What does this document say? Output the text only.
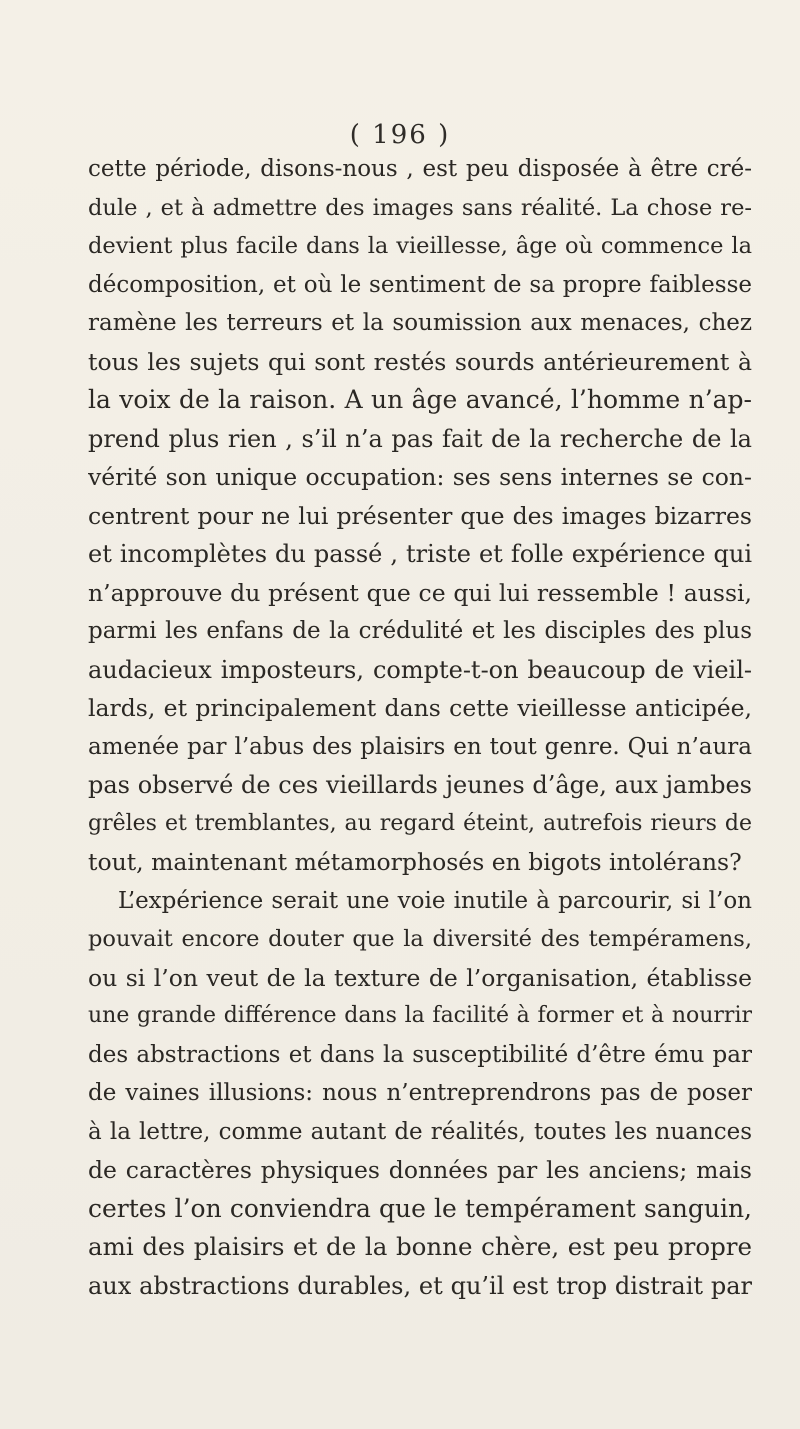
( 196 )
cette période, disons-nous , est peu disposée à être cré-
dule , et à admettre des images sans réalité. La chose re-
devient plus facile dans la vieillesse, âge où commence la
décomposition, et où le sentiment de sa propre faiblesse
ramène les terreurs et la soumission aux menaces, chez
tous les sujets qui sont restés sourds antérieurement à
la voix de la raison. A un âge avancé, l’homme n’ap-
prend plus rien , s’il n’a pas fait de la recherche de la
vérité son unique occupation: ses sens internes se con-
centrent pour ne lui présenter que des images bizarres
et incomplètes du passé , triste et folle expérience qui
n’approuve du présent que ce qui lui ressemble ! aussi,
parmi les enfans de la crédulité et les disciples des plus
audacieux imposteurs, compte-t-on beaucoup de vieil-
lards, et principalement dans cette vieillesse anticipée,
amenée par l’abus des plaisirs en tout genre. Qui n’aura
pas observé de ces vieillards jeunes d’âge, aux jambes
grêles et tremblantes, au regard éteint, autrefois rieurs de
tout, maintenant métamorphosés en bigots intolérans?
L’expérience serait une voie inutile à parcourir, si l’on
pouvait encore douter que la diversité des tempéramens,
ou si l’on veut de la texture de l’organisation, établisse
une grande différence dans la facilité à former et à nourrir
des abstractions et dans la susceptibilité d’être ému par
de vaines illusions: nous n’entreprendrons pas de poser
à la lettre, comme autant de réalités, toutes les nuances
de caractères physiques données par les anciens; mais
certes l’on conviendra que le tempérament sanguin,
ami des plaisirs et de la bonne chère, est peu propre
aux abstractions durables, et qu’il est trop distrait par
